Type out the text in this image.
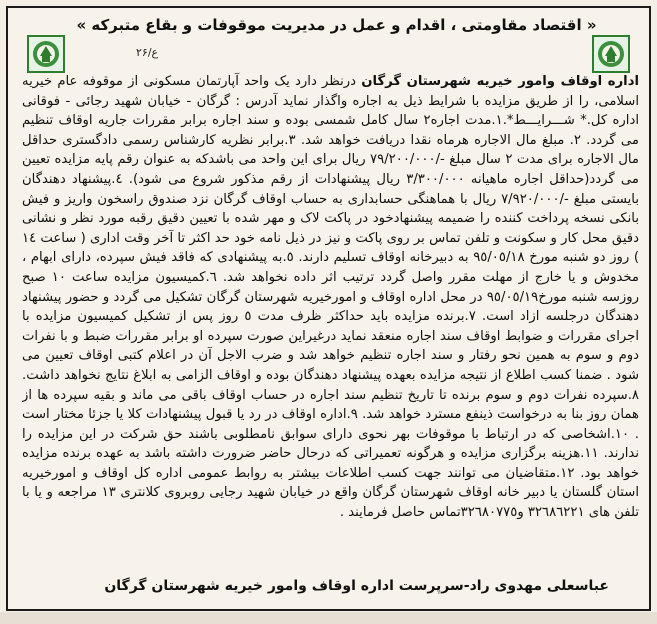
« اقتصاد مقاومتی ، اقدام و عمل در مدیریت موقوفات و بقاع متبرکه »
۲۶/ع
اداره اوقاف وامور خیریه شهرستان گرگان درنظر دارد یک واحد آپارتمان مسکونی از موقوفه عام خیریه اسلامی، را از طریق مزایده با شرایط ذیل به اجاره واگذار نماید آدرس : گرگان - خیابان شهید رجائی - فوقانی اداره کل.* شـــرایـــط*.۱.مدت اجاره۲ سال کامل شمسی بوده و سند اجاره برابر مقررات جاریه اوقاف تنظیم می گردد. ۲. مبلغ مال الاجاره هرماه نقدا دریافت خواهد شد. ۳.برابر نظریه کارشناس رسمی دادگستری حداقل مال الاجاره برای مدت ۲ سال مبلغ -/۷۹/۲۰۰/۰۰۰ ریال برای این واحد می باشدکه به عنوان رقم پایه مزایده تعیین می گردد(حداقل اجاره ماهیانه ۳/۳۰۰/۰۰۰ ریال پیشنهادات از رقم مذکور شروع می شود). ٤.پیشنهاد دهندگان بایستی مبلغ -/۷/۹۲۰/۰۰۰ ریال با هماهنگی حسابداری به حساب اوقاف گرگان نزد صندوق راسخون واریز و فیش بانکی نسخه پرداخت کننده را ضمیمه پیشنهادخود در پاکت لاک و مهر شده با تعیین دقیق رقبه مورد نظر و نشانی دقیق محل کار و سکونت و تلفن تماس بر روی پاکت و نیز در ذیل نامه خود حد اکثر تا آخر وقت اداری ( ساعت ۱٤ ) روز دو شنبه مورخ ۹٥/۰٥/۱۸ به دبیرخانه اوقاف تسلیم دارند. ٥.به پیشنهادی که فاقد فیش سپرده، دارای ابهام ، مخدوش و یا خارج از مهلت مقرر واصل گردد ترتیب اثر داده نخواهد شد. ٦.کمیسیون مزایده ساعت ۱۰ صبح روزسه شنبه مورخ۹٥/۰٥/۱۹ در محل اداره اوقاف و امورخیریه شهرستان گرگان تشکیل می گردد و حضور پیشنهاد دهندگان درجلسه ازاد است. ۷.برنده مزایده باید حداکثر ظرف مدت ٥ روز پس از تشکیل کمیسیون مزایده با اجرای مقررات و ضوابط اوقاف سند اجاره منعقد نماید درغیراین صورت سپرده او برابر مقررات ضبط و با نفرات دوم و سوم به همین نحو رفتار و سند اجاره تنظیم خواهد شد و ضرب الاجل آن در اعلام کتبی اوقاف تعیین می شود . ضمنا کسب اطلاع از نتیجه مزایده بعهده پیشنهاد دهندگان بوده و اوقاف الزامی به ابلاغ نتایج نخواهد داشت. ۸.سپرده نفرات دوم و سوم برنده تا تاریخ تنظیم سند اجاره در حساب اوقاف باقی می ماند و بقیه سپرده ها از همان روز بنا به درخواست ذینفع مسترد خواهد شد. ۹.اداره اوقاف در رد یا قبول پیشنهادات کلا یا جزئا مختار است . ۱۰.اشخاصی که در ارتباط با موقوفات بهر نحوی دارای سوابق نامطلوبی باشند حق شرکت در این مزایده را ندارند. ۱۱.هزینه برگزاری مزایده و هرگونه تعمیراتی که درحال حاضر ضرورت داشته باشد به عهده برنده مزایده خواهد بود. ۱۲.متقاضیان می توانند جهت کسب اطلاعات بیشتر به روابط عمومی اداره کل اوقاف و امورخیریه استان گلستان یا دبیر خانه اوقاف شهرستان گرگان واقع در خیابان شهید رجایی روبروی کلانتری ۱۳ مراجعه و یا با تلفن های ۳۲٦۸٦۲۲۱ و۳۲٦۸۰۷۷٥تماس حاصل فرمایند .
عباسعلی مهدوی راد-سرپرست اداره اوقاف وامور خیریه شهرستان گرگان
